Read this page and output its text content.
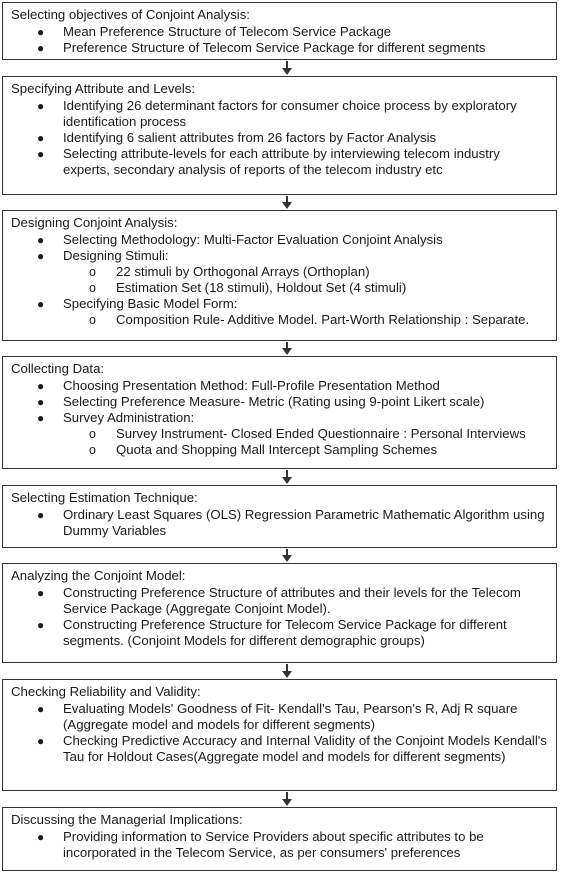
Selecting objectives of Conjoint Analysis:
● Mean Preference Structure of Telecom Service Package
● Preference Structure of Telecom Service Package for different segments
Specifying Attribute and Levels:
● Identifying 26 determinant factors for consumer choice process by exploratory identification process
● Identifying 6 salient attributes from 26 factors by Factor Analysis
● Selecting attribute-levels for each attribute by interviewing telecom industry experts, secondary analysis of reports of the telecom industry etc
Designing Conjoint Analysis:
● Selecting Methodology: Multi-Factor Evaluation Conjoint Analysis
● Designing Stimuli:
o 22 stimuli by Orthogonal Arrays (Orthoplan)
o Estimation Set (18 stimuli), Holdout Set (4 stimuli)
● Specifying Basic Model Form:
o Composition Rule- Additive Model. Part-Worth Relationship : Separate.
Collecting Data:
● Choosing Presentation Method: Full-Profile Presentation Method
● Selecting Preference Measure- Metric (Rating using 9-point Likert scale)
● Survey Administration:
o Survey Instrument- Closed Ended Questionnaire : Personal Interviews
o Quota and Shopping Mall Intercept Sampling Schemes
Selecting Estimation Technique:
● Ordinary Least Squares (OLS) Regression Parametric Mathematic Algorithm using Dummy Variables
Analyzing the Conjoint Model:
● Constructing Preference Structure of attributes and their levels for the Telecom Service Package (Aggregate Conjoint Model).
● Constructing Preference Structure for Telecom Service Package for different segments. (Conjoint Models for different demographic groups)
Checking Reliability and Validity:
● Evaluating Models' Goodness of Fit- Kendall's Tau, Pearson's R, Adj R square (Aggregate model and models for different segments)
● Checking Predictive Accuracy and Internal Validity of the Conjoint Models Kendall's Tau for Holdout Cases(Aggregate model and models for different segments)
Discussing the Managerial Implications:
● Providing information to Service Providers about specific attributes to be incorporated in the Telecom Service, as per consumers' preferences
